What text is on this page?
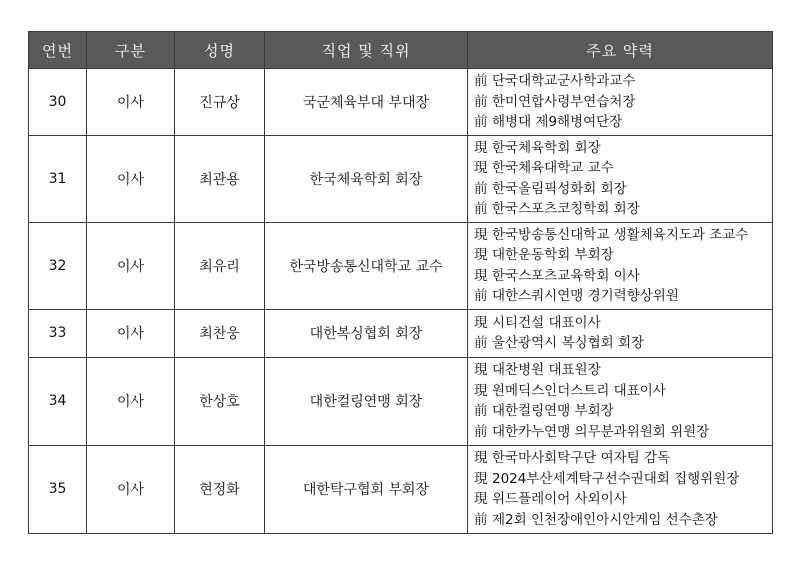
연번	구분	성명	직업 및 직위	주요 약력
30	이사	진규상	국군체육부대 부대장	前 단국대학교군사학과교수
前 한미연합사령부연습처장
前 해병대 제9해병여단장

31	이사	최관용	한국체육학회 회장	現 한국체육학회 회장
現 한국체육대학교 교수
前 한국올림픽성화회 회장
前 한국스포츠코칭학회 회장

32	이사	최유리	한국방송통신대학교 교수	現 한국방송통신대학교 생활체육지도과 조교수
現 대한운동학회 부회장
現 한국스포츠교육학회 이사
前 대한스쿼시연맹 경기력향상위원

33	이사	최찬웅	대한복싱협회 회장	現 시티건설 대표이사
前 울산광역시 복싱협회 회장

34	이사	한상호	대한컬링연맹 회장	現 대찬병원 대표원장
現 원메딕스인더스트리 대표이사
前 대한컬링연맹 부회장
前 대한카누연맹 의무분과위원회 위원장

35	이사	현정화	대한탁구협회 부회장	現 한국마사회탁구단 여자팀 감독
現 2024부산세계탁구선수권대회 집행위원장
現 위드플레이어 사외이사
前 제2회 인천장애인아시안게임 선수촌장
